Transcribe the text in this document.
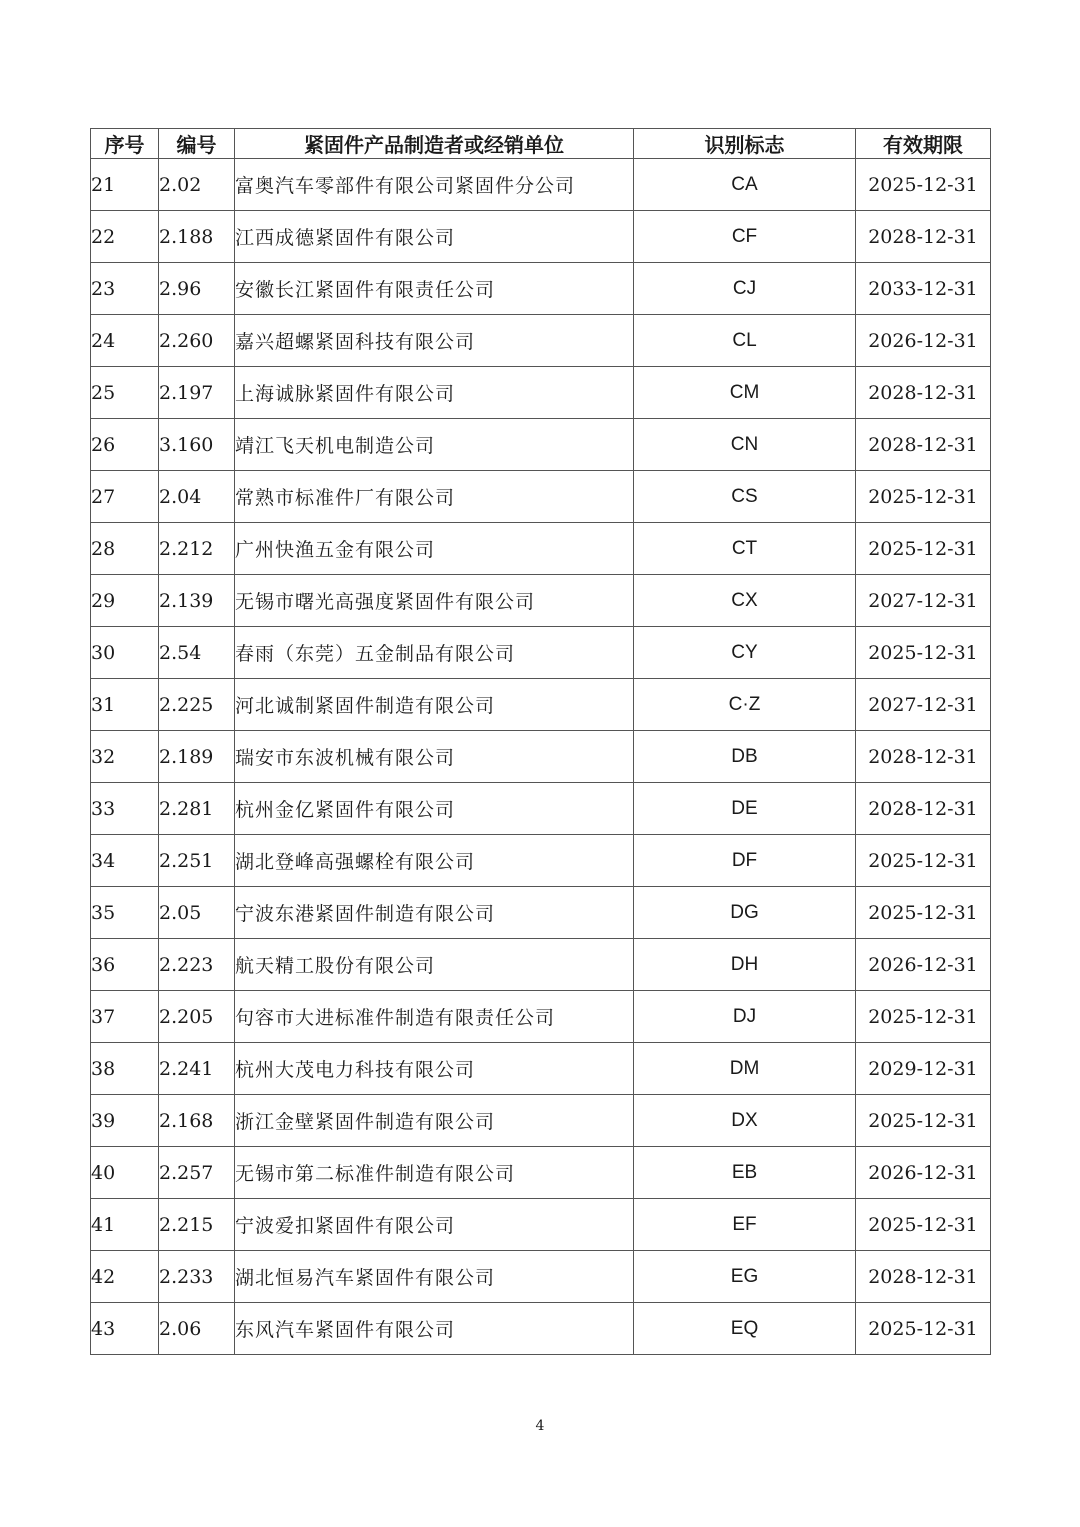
序号	编号	紧固件产品制造者或经销单位	识别标志	有效期限
21	2.02	富奥汽车零部件有限公司紧固件分公司	CA	2025-12-31
22	2.188	江西成德紧固件有限公司	CF	2028-12-31
23	2.96	安徽长江紧固件有限责任公司	CJ	2033-12-31
24	2.260	嘉兴超螺紧固科技有限公司	CL	2026-12-31
25	2.197	上海诚脉紧固件有限公司	CM	2028-12-31
26	3.160	靖江飞天机电制造公司	CN	2028-12-31
27	2.04	常熟市标准件厂有限公司	CS	2025-12-31
28	2.212	广州快渔五金有限公司	CT	2025-12-31
29	2.139	无锡市曙光高强度紧固件有限公司	CX	2027-12-31
30	2.54	春雨（东莞）五金制品有限公司	CY	2025-12-31
31	2.225	河北诚制紧固件制造有限公司	C·Z	2027-12-31
32	2.189	瑞安市东波机械有限公司	DB	2028-12-31
33	2.281	杭州金亿紧固件有限公司	DE	2028-12-31
34	2.251	湖北登峰高强螺栓有限公司	DF	2025-12-31
35	2.05	宁波东港紧固件制造有限公司	DG	2025-12-31
36	2.223	航天精工股份有限公司	DH	2026-12-31
37	2.205	句容市大进标准件制造有限责任公司	DJ	2025-12-31
38	2.241	杭州大茂电力科技有限公司	DM	2029-12-31
39	2.168	浙江金壁紧固件制造有限公司	DX	2025-12-31
40	2.257	无锡市第二标准件制造有限公司	EB	2026-12-31
41	2.215	宁波爱扣紧固件有限公司	EF	2025-12-31
42	2.233	湖北恒易汽车紧固件有限公司	EG	2028-12-31
43	2.06	东风汽车紧固件有限公司	EQ	2025-12-31
4
